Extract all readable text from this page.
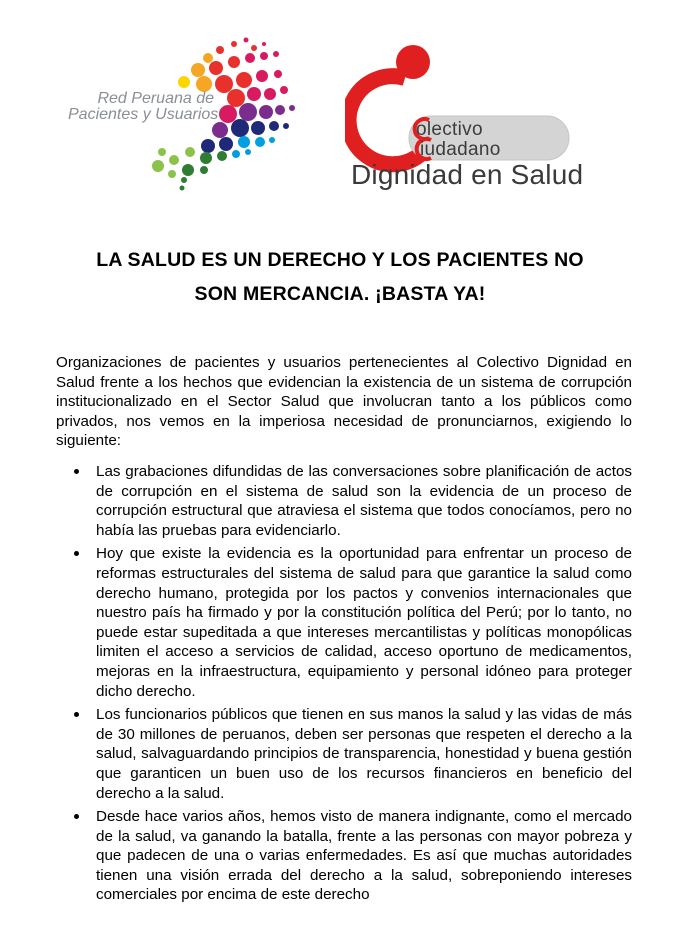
Red Peruana de
Pacientes y Usuarios
olectivo
iudadano
Dignidad en Salud
LA SALUD ES UN DERECHO Y LOS PACIENTES NO
SON MERCANCIA. ¡BASTA YA!
Organizaciones de pacientes y usuarios pertenecientes al Colectivo Dignidad en Salud frente a los hechos que evidencian la existencia de un sistema de corrupción institucionalizado en el Sector Salud que involucran tanto a los públicos como privados, nos vemos en la imperiosa necesidad de pronunciarnos, exigiendo lo siguiente:
Las grabaciones difundidas de las conversaciones sobre planificación de actos de corrupción en el sistema de salud son la evidencia de un proceso de corrupción estructural que atraviesa el sistema que todos conocíamos, pero no había las pruebas para evidenciarlo.
Hoy que existe la evidencia es la oportunidad para enfrentar un proceso de reformas estructurales del sistema de salud para que garantice la salud como derecho humano, protegida por los pactos y convenios internacionales que nuestro país ha firmado y por la constitución política del Perú; por lo tanto, no puede estar supeditada a que intereses mercantilistas y políticas monopólicas limiten el acceso a servicios de calidad, acceso oportuno de medicamentos, mejoras en la infraestructura, equipamiento y personal idóneo para proteger dicho derecho.
Los funcionarios públicos que tienen en sus manos la salud y las vidas de más de 30 millones de peruanos, deben ser personas que respeten el derecho a la salud, salvaguardando principios de transparencia, honestidad y buena gestión que garanticen un buen uso de los recursos financieros en beneficio del derecho a la salud.
Desde hace varios años, hemos visto de manera indignante, como el mercado de la salud, va ganando la batalla, frente a las personas con mayor pobreza y que padecen de una o varias enfermedades. Es así que muchas autoridades tienen una visión errada del derecho a la salud, sobreponiendo intereses comerciales por encima de este derecho
